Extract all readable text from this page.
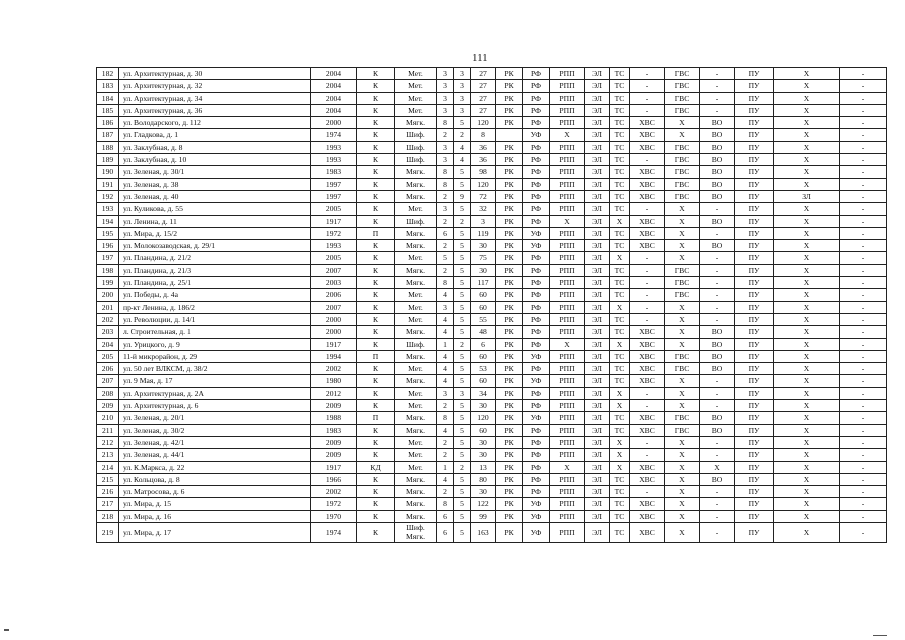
111
182	ул. Архитектурная, д. 30	2004	К	Мет.	3	3	27	РК	РФ	РПП	ЭЛ	ТС	-	ГВС	-	ПУ	Х	-
183	ул. Архитектурная, д. 32	2004	К	Мет.	3	3	27	РК	РФ	РПП	ЭЛ	ТС	-	ГВС	-	ПУ	Х	-
184	ул. Архитектурная, д. 34	2004	К	Мет.	3	3	27	РК	РФ	РПП	ЭЛ	ТС	-	ГВС	-	ПУ	Х	-
185	ул. Архитектурная, д. 36	2004	К	Мет.	3	3	27	РК	РФ	РПП	ЭЛ	ТС	-	ГВС	-	ПУ	Х	-
186	ул. Володарского, д. 112	2000	К	Мягк.	8	5	120	РК	РФ	РПП	ЭЛ	ТС	ХВС	Х	ВО	ПУ	Х	-
187	ул. Гладкова, д. 1	1974	К	Шиф.	2	2	8		УФ	Х	ЭЛ	ТС	ХВС	Х	ВО	ПУ	Х	-
188	ул. Заклубная, д. 8	1993	К	Шиф.	3	4	36	РК	РФ	РПП	ЭЛ	ТС	ХВС	ГВС	ВО	ПУ	Х	-
189	ул. Заклубная, д. 10	1993	К	Шиф.	3	4	36	РК	РФ	РПП	ЭЛ	ТС	-	ГВС	ВО	ПУ	Х	-
190	ул. Зеленая, д. 30/1	1983	К	Мягк.	8	5	98	РК	РФ	РПП	ЭЛ	ТС	ХВС	ГВС	ВО	ПУ	Х	-
191	ул. Зеленая, д. 38	1997	К	Мягк.	8	5	120	РК	РФ	РПП	ЭЛ	ТС	ХВС	ГВС	ВО	ПУ	Х	-
192	ул. Зеленая, д. 40	1997	К	Мягк.	2	9	72	РК	РФ	РПП	ЭЛ	ТС	ХВС	ГВС	ВО	ПУ	ЗЛ	-
193	ул. Куликова, д. 55	2005	К	Мет.	3	5	32	РК	РФ	РПП	ЭЛ	ТС	-	Х	-	ПУ	Х	-
194	ул. Ленина, д. 11	1917	К	Шиф.	2	2	3	РК	РФ	Х	ЭЛ	Х	ХВС	Х	ВО	ПУ	Х	-
195	ул. Мира, д. 15/2	1972	П	Мягк.	6	5	119	РК	УФ	РПП	ЭЛ	ТС	ХВС	Х	-	ПУ	Х	-
196	ул. Молокозаводская, д. 29/1	1993	К	Мягк.	2	5	30	РК	УФ	РПП	ЭЛ	ТС	ХВС	Х	ВО	ПУ	Х	-
197	ул. Пландина, д. 21/2	2005	К	Мет.	5	5	75	РК	РФ	РПП	ЭЛ	Х	-	Х	-	ПУ	Х	-
198	ул. Пландина, д. 21/3	2007	К	Мягк.	2	5	30	РК	РФ	РПП	ЭЛ	ТС	-	ГВС	-	ПУ	Х	-
199	ул. Пландина, д. 25/1	2003	К	Мягк.	8	5	117	РК	РФ	РПП	ЭЛ	ТС	-	ГВС	-	ПУ	Х	-
200	ул. Победы, д. 4а	2006	К	Мет.	4	5	60	РК	РФ	РПП	ЭЛ	ТС	-	ГВС	-	ПУ	Х	-
201	пр-кт Ленина, д. 186/2	2007	К	Мет.	3	5	60	РК	РФ	РПП	ЭЛ	Х	-	Х	-	ПУ	Х	-
202	ул. Революции, д. 14/1	2000	К	Мет.	4	5	55	РК	РФ	РПП	ЭЛ	ТС	-	Х	-	ПУ	Х	-
203	л. Строительная, д. 1	2000	К	Мягк.	4	5	48	РК	РФ	РПП	ЭЛ	ТС	ХВС	Х	ВО	ПУ	Х	-
204	ул. Урицкого, д. 9	1917	К	Шиф.	1	2	6	РК	РФ	Х	ЭЛ	Х	ХВС	Х	ВО	ПУ	Х	-
205	11-й микрорайон, д. 29	1994	П	Мягк.	4	5	60	РК	УФ	РПП	ЭЛ	ТС	ХВС	ГВС	ВО	ПУ	Х	-
206	ул. 50 лет ВЛКСМ, д. 38/2	2002	К	Мет.	4	5	53	РК	РФ	РПП	ЭЛ	ТС	ХВС	ГВС	ВО	ПУ	Х	-
207	ул. 9 Мая, д. 17	1980	К	Мягк.	4	5	60	РК	УФ	РПП	ЭЛ	ТС	ХВС	Х	-	ПУ	Х	-
208	ул. Архитектурная, д. 2А	2012	К	Мет.	3	3	34	РК	РФ	РПП	ЭЛ	Х	-	Х	-	ПУ	Х	-
209	ул. Архитектурная, д. 6	2009	К	Мет.	2	5	30	РК	РФ	РПП	ЭЛ	Х	-	Х	-	ПУ	Х	-
210	ул. Зеленая, д. 20/1	1988	П	Мягк.	8	5	120	РК	УФ	РПП	ЭЛ	ТС	ХВС	ГВС	ВО	ПУ	Х	-
211	ул. Зеленая, д. 30/2	1983	К	Мягк.	4	5	60	РК	РФ	РПП	ЭЛ	ТС	ХВС	ГВС	ВО	ПУ	Х	-
212	ул. Зеленая, д. 42/1	2009	К	Мет.	2	5	30	РК	РФ	РПП	ЭЛ	Х	-	Х	-	ПУ	Х	-
213	ул. Зеленая, д. 44/1	2009	К	Мет.	2	5	30	РК	РФ	РПП	ЭЛ	Х	-	Х	-	ПУ	Х	-
214	ул. К.Маркса, д. 22	1917	КД	Мет.	1	2	13	РК	РФ	Х	ЭЛ	Х	ХВС	Х	Х	ПУ	Х	-
215	ул. Кольцова, д. 8	1966	К	Мягк.	4	5	80	РК	РФ	РПП	ЭЛ	ТС	ХВС	Х	ВО	ПУ	Х	-
216	ул. Матросова, д. 6	2002	К	Мягк.	2	5	30	РК	РФ	РПП	ЭЛ	ТС	-	Х	-	ПУ	Х	-
217	ул. Мира, д. 15	1972	К	Мягк.	8	5	122	РК	УФ	РПП	ЭЛ	ТС	ХВС	Х	-	ПУ	Х	-
218	ул. Мира, д. 16	1970	К	Мягк.	6	5	99	РК	УФ	РПП	ЭЛ	ТС	ХВС	Х	-	ПУ	Х	-
219	ул. Мира, д. 17	1974	К	Шиф. Мягк.	6	5	163	РК	УФ	РПП	ЭЛ	ТС	ХВС	Х	-	ПУ	Х	-
